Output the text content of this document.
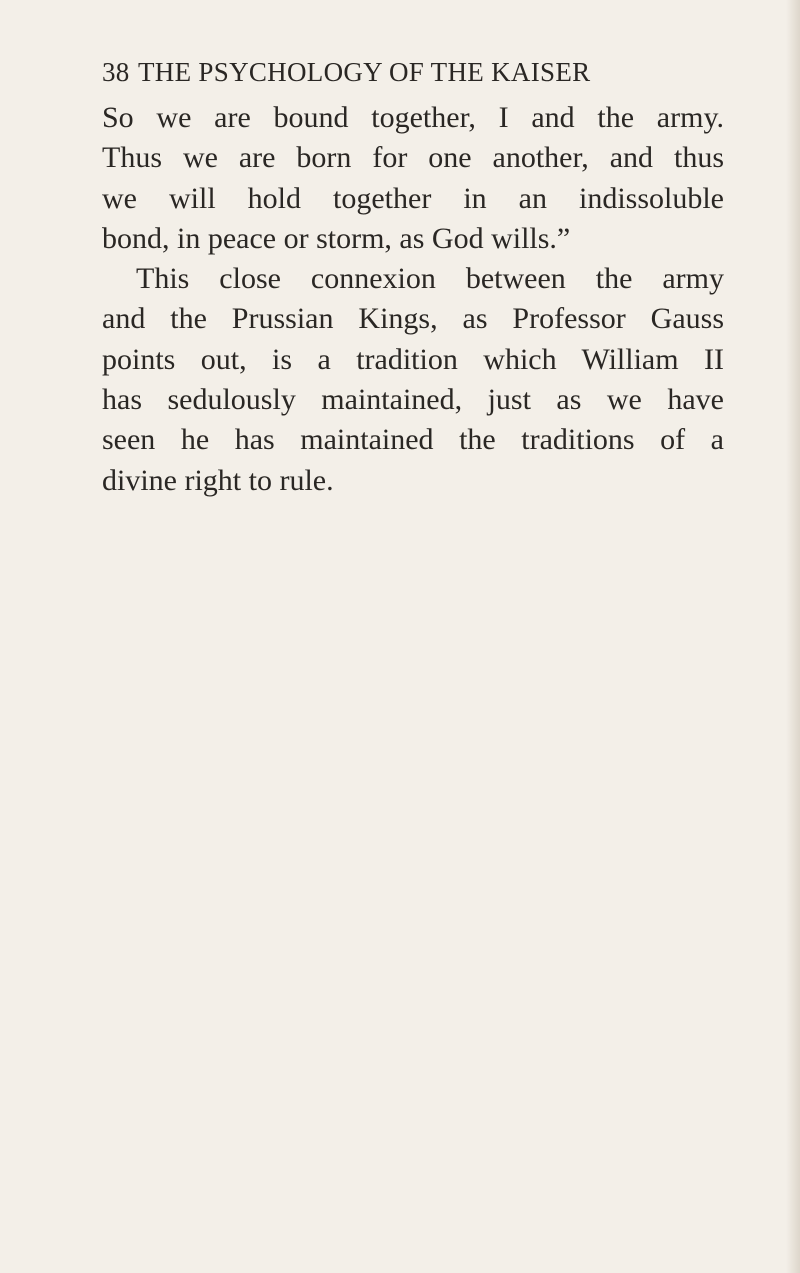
38 THE PSYCHOLOGY OF THE KAISER
So we are bound together, I and the army.
Thus we are born for one another, and thus
we will hold together in an indissoluble
bond, in peace or storm, as God wills.”
This close connexion between the army
and the Prussian Kings, as Professor Gauss
points out, is a tradition which William II
has sedulously maintained, just as we have
seen he has maintained the traditions of a
divine right to rule.
